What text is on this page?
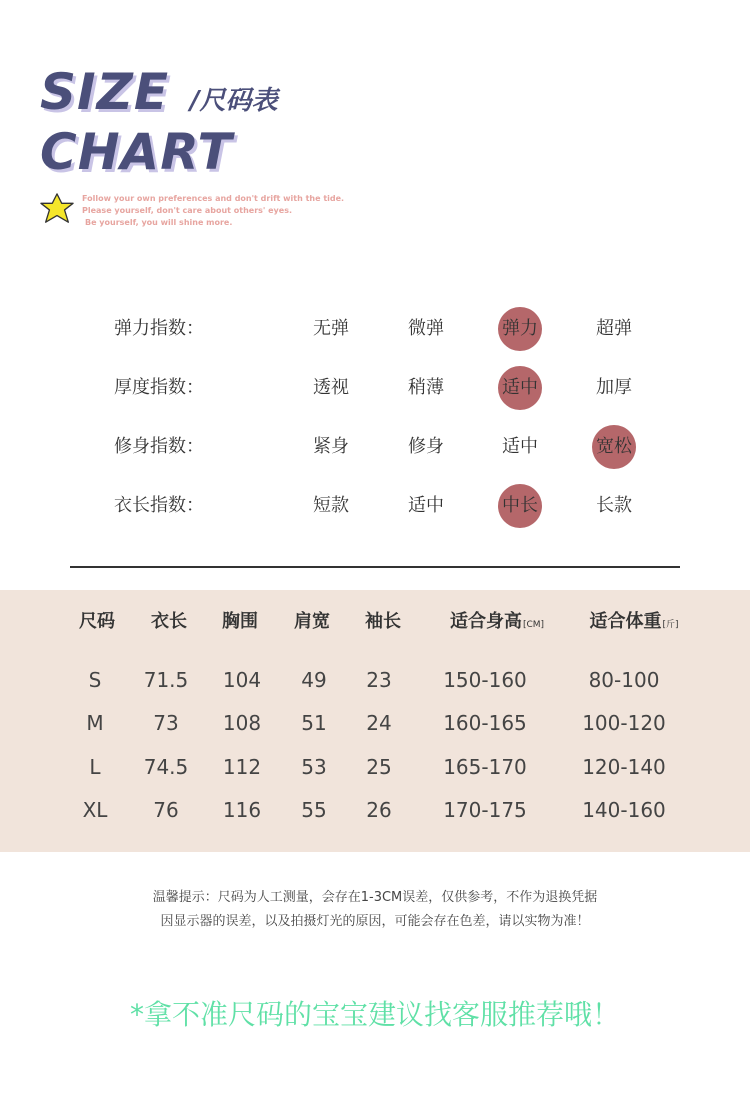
SIZE
CHART
/尺码表
Follow your own preferences and don't drift with the tide.
Please yourself, don't care about others' eyes.
Be yourself, you will shine more.
弹力指数：	无弹	微弹	弹力	超弹
厚度指数：	透视	稍薄	适中	加厚
修身指数：	紧身	修身	适中	宽松
衣长指数：	短款	适中	中长	长款
尺码 衣长 胸围 肩宽 袖长	适合身高[CM]	适合体重[斤]
S 71.5 104 49 23	150-160	80-100
M 73 108 51 24	160-165	100-120
L 74.5 112 53 25	165-170	120-140
XL 76 116 55 26	170-175	140-160
温馨提示：尺码为人工测量，会存在1-3CM误差，仅供参考，不作为退换凭据
因显示器的误差，以及拍摄灯光的原因，可能会存在色差，请以实物为准！
*拿不准尺码的宝宝建议找客服推荐哦！
